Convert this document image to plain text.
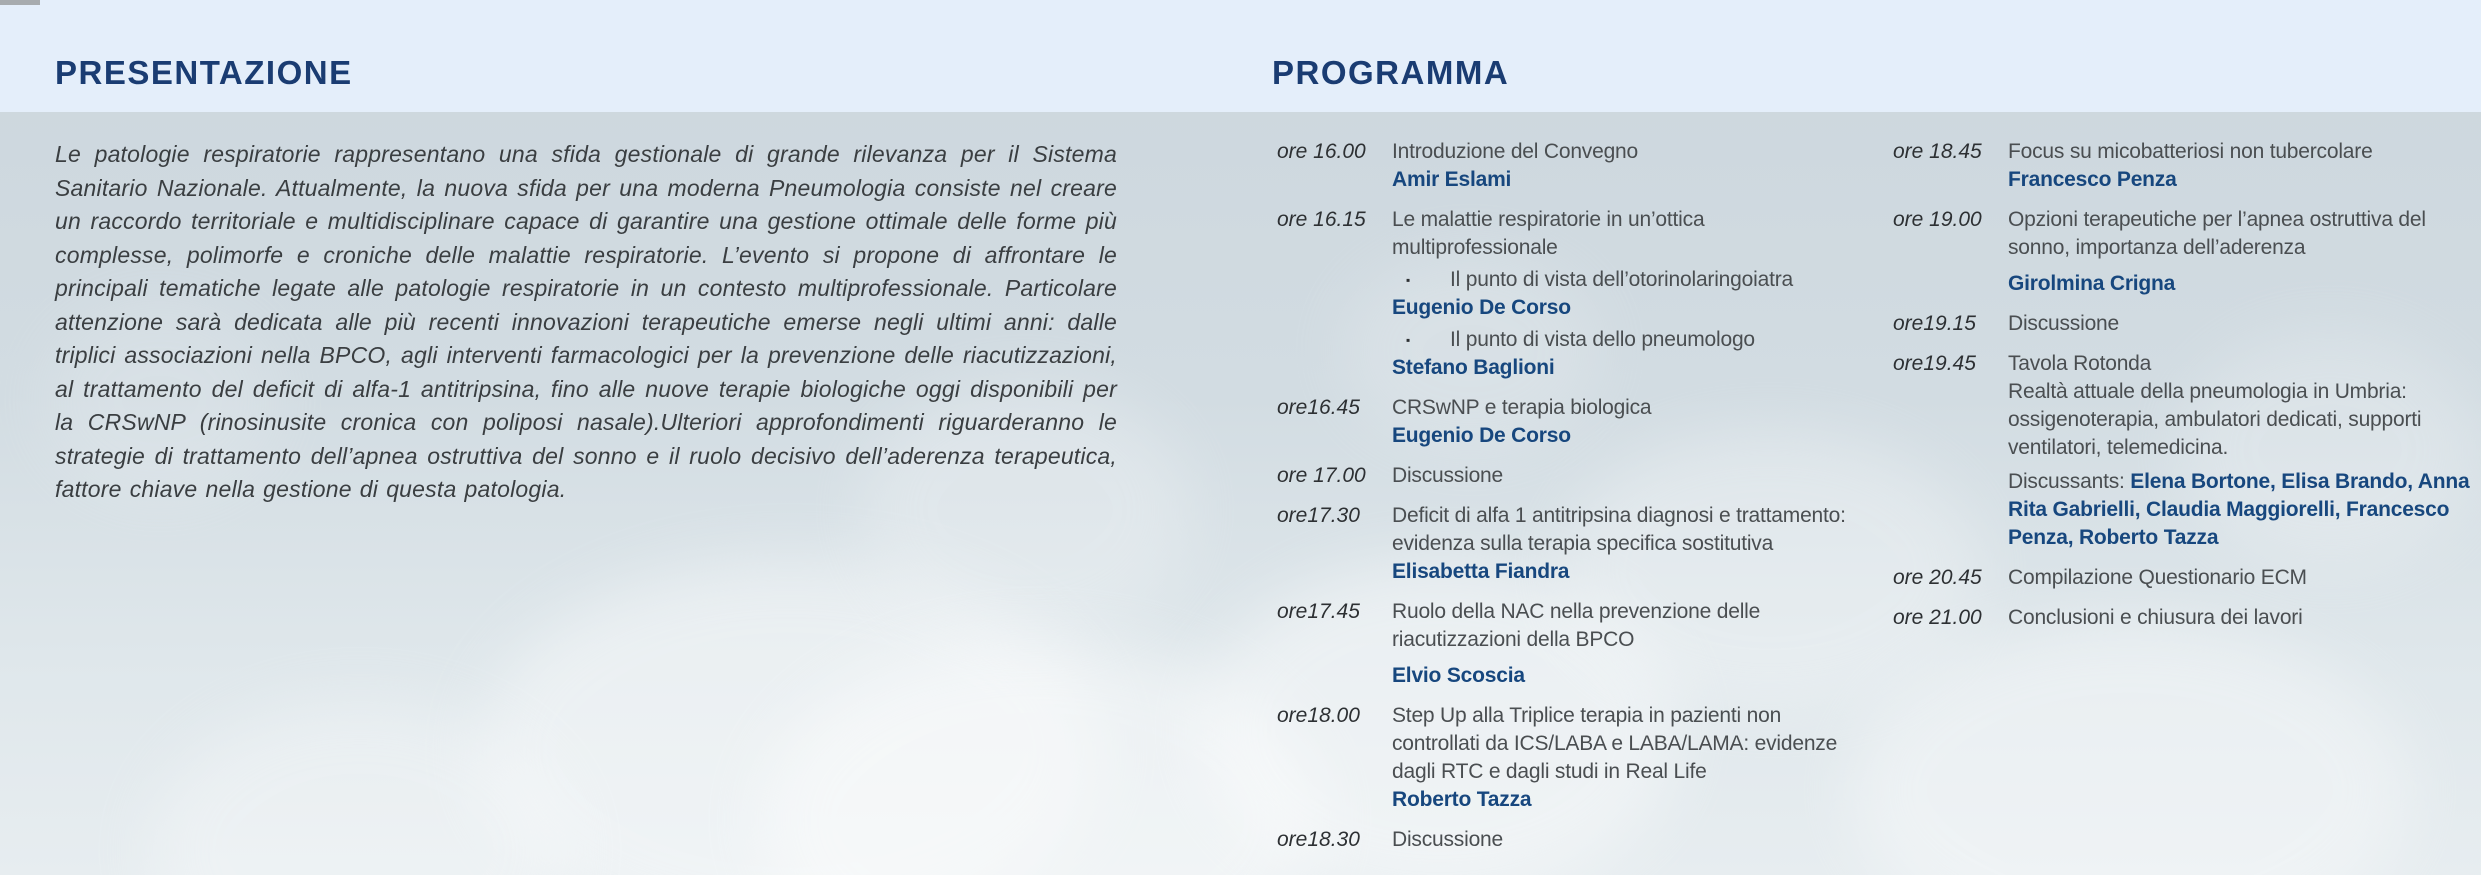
PRESENTAZIONE	PROGRAMMA

Le patologie respiratorie rappresentano una sfida gestionale di grande rilevanza per il Sistema Sanitario Nazionale. Attualmente, la nuova sfida per una moderna Pneumologia consiste nel creare un raccordo territoriale e multidisciplinare capace di garantire una gestione ottimale delle forme più complesse, polimorfe e croniche delle malattie respiratorie. L’evento si propone di affrontare le principali tematiche legate alle patologie respiratorie in un contesto multiprofessionale. Particolare attenzione sarà dedicata alle più recenti innovazioni terapeutiche emerse negli ultimi anni: dalle triplici associazioni nella BPCO, agli interventi farmacologici per la prevenzione delle riacutizzazioni, al trattamento del deficit di alfa-1 antitripsina, fino alle nuove terapie biologiche oggi disponibili per la CRSwNP (rinosinusite cronica con poliposi nasale).Ulteriori approfondimenti riguarderanno le strategie di trattamento dell’apnea ostruttiva del sonno e il ruolo decisivo dell’aderenza terapeutica, fattore chiave nella gestione di questa patologia.

ore 16.00	Introduzione del Convegno
Amir Eslami
ore 16.15	Le malattie respiratorie in un’ottica multiprofessionale
▪	Il punto di vista dell’otorinolaringoiatra
Eugenio De Corso
▪	Il punto di vista dello pneumologo
Stefano Baglioni
ore16.45	CRSwNP e terapia biologica
Eugenio De Corso
ore 17.00	Discussione
ore17.30	Deficit di alfa 1 antitripsina diagnosi e trattamento: evidenza sulla terapia specifica sostitutiva
Elisabetta Fiandra
ore17.45	Ruolo della NAC nella prevenzione delle riacutizzazioni della BPCO
Elvio Scoscia
ore18.00	Step Up alla Triplice terapia in pazienti non controllati da ICS/LABA e LABA/LAMA: evidenze dagli RTC e dagli studi in Real Life
Roberto Tazza
ore18.30	Discussione
ore 18.45	Focus su micobatteriosi non tubercolare
Francesco Penza
ore 19.00	Opzioni terapeutiche per l’apnea ostruttiva del sonno, importanza dell’aderenza
Girolmina Crigna
ore19.15	Discussione
ore19.45	Tavola Rotonda
Realtà attuale della pneumologia in Umbria: ossigenoterapia, ambulatori dedicati, supporti ventilatori, telemedicina.
Discussants: Elena Bortone, Elisa Brando, Anna Rita Gabrielli, Claudia Maggiorelli, Francesco Penza, Roberto Tazza
ore 20.45	Compilazione Questionario ECM
ore 21.00	Conclusioni e chiusura dei lavori
